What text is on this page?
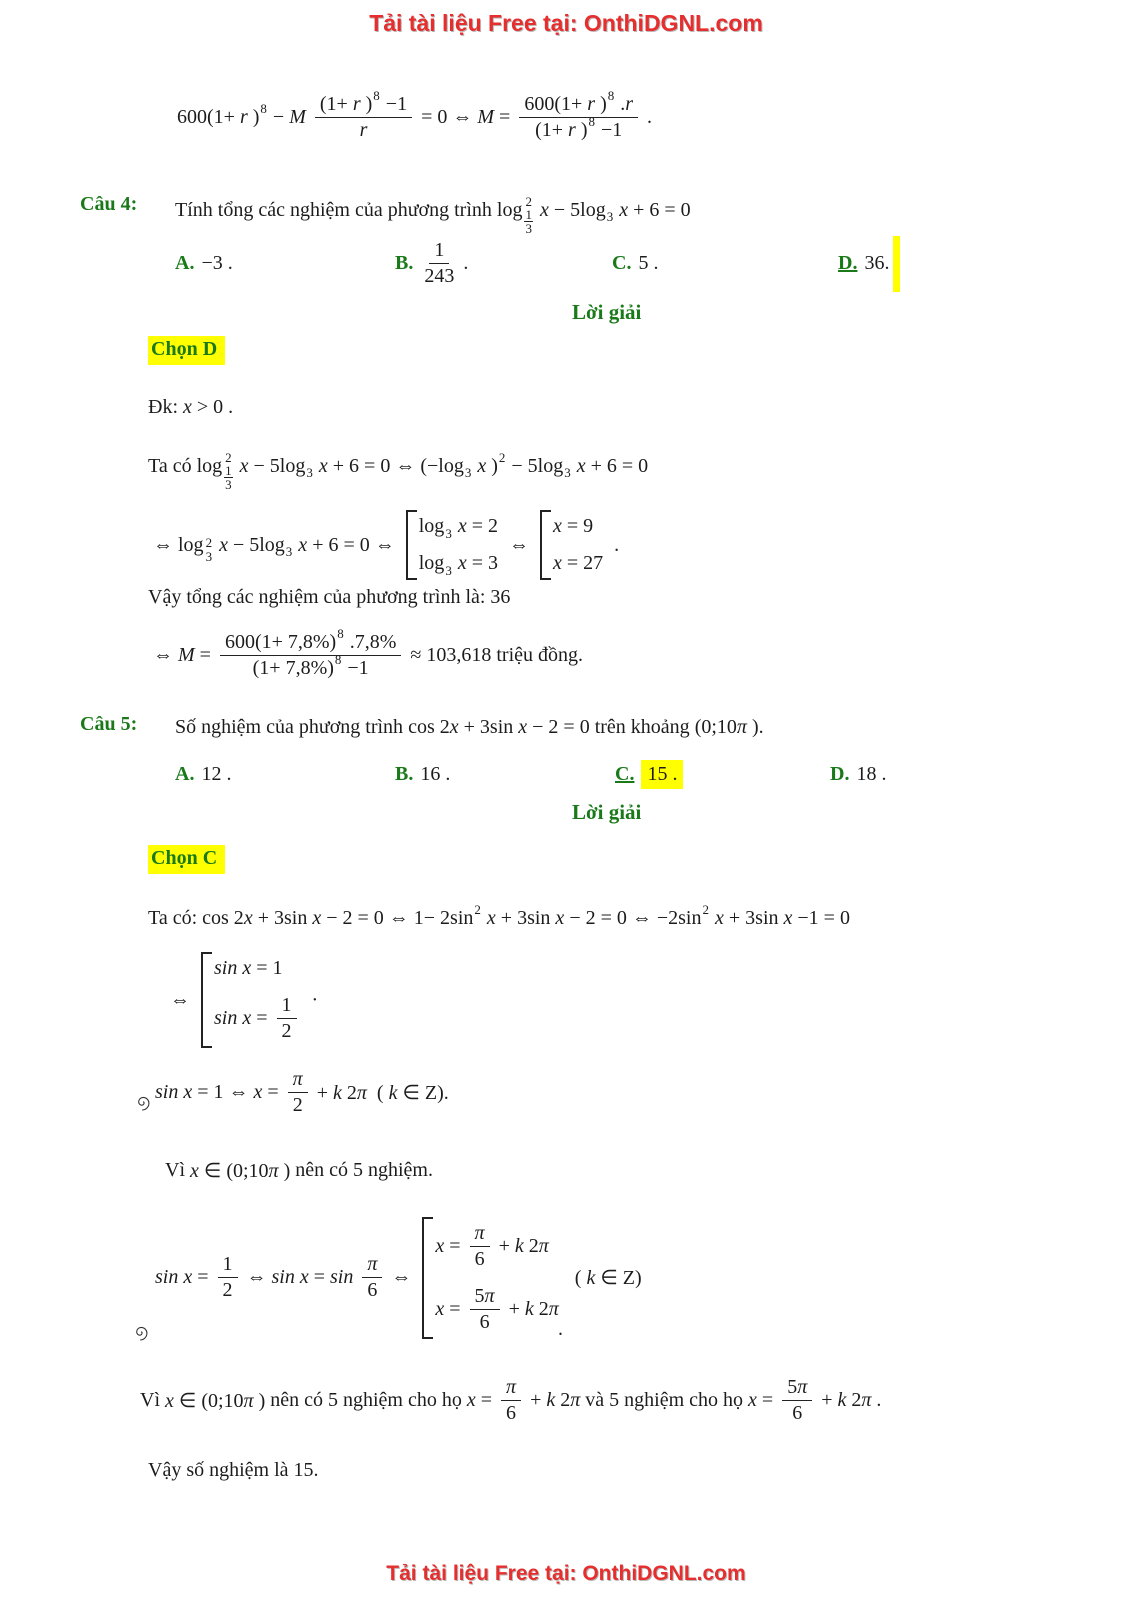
Tải tài liệu Free tại: OnthiDGNL.com
Tải tài liệu Free tại: OnthiDGNL.com
600(1+ r ) 8 − M $\frac{(1+ r ) 8 -1}{r} = 0$ ⇔ $M = \frac{600(1+ r ) 8 .r}{(1+ r ) 8 -1}$ .
Câu 4: Tính tổng các nghiệm của phương trình log 2
$\frac{1}{3}$ x − 5log 3 x + 6 = 0
A. −3 .	B. $\frac{1}{243}$ .	C. 5 .	D. 36.
Lời giải
Chọn D
Đk: x > 0 .
Ta có log 2
$\frac{1}{3}$ x − 5log 3 x + 6 = 0 ⇔ (−log 3 x ) 2 − 5log 3 x + 6 = 0
⇔ log 2
3
x − 5log 3 x + 6 = 0 ⇔
log 3 x = 2
log 3 x = 3
⇔
x = 9
x = 27
.
Vậy tổng các nghiệm của phương trình là: 36
⇔ $M = \frac{600(1+ 7,8\%) 8 .7,8\%}{(1+ 7,8\%) 8 -1} \approx 103,618$ triệu đồng.
Câu 5: Số nghiệm của phương trình cos 2x + 3sin x − 2 = 0 trên khoảng (0;10π ) .
A. 12 .	B. 16 .	C. 15 .	D. 18 .
Lời giải
Chọn C
Ta có: cos 2x + 3sin x − 2 = 0 ⇔ 1− 2sin 2 x + 3sin x − 2 = 0 ⇔ −2sin 2 x + 3sin x −1 = 0
⇔
sin x = 1
$\sin x = \frac{1}{2}$ ·
sin x = 1 ⇔ $x = \frac{\pi}{2} + k$ 2π  ( k ∈ Z).
Vì x ∈ (0;10π ) nên có 5 nghiệm.
$\sin x = \frac{1}{2}$ ⇔ $\sin x = \sin \frac{\pi}{6}$ ⇔
$x = \frac{\pi}{6} + k$ 2π
$x = \frac{5\pi}{6} + k$ 2π
( k ∈ Z)
.
Vì x ∈ (0;10π ) nên có 5 nghiệm cho họ $x = \frac{\pi}{6} + k$ 2π và 5 nghiệm cho họ $x = \frac{5\pi}{6} + k$ 2π .
Vậy số nghiệm là 15.
